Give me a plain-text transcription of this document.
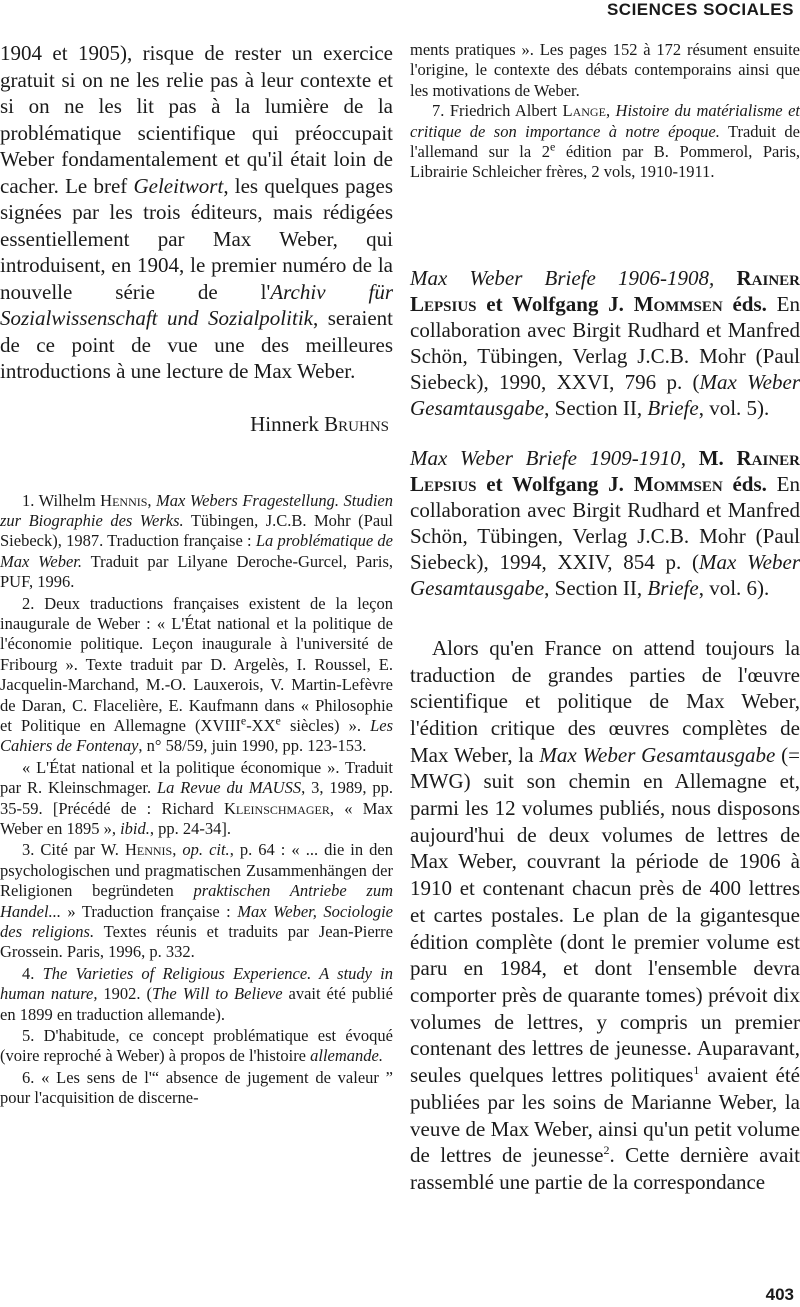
SCIENCES SOCIALES

1904 et 1905), risque de rester un exercice gratuit si on ne les relie pas à leur contexte et si on ne les lit pas à la lumière de la problématique scientifique qui préoccupait Weber fondamentalement et qu'il était loin de cacher. Le bref Geleitwort, les quelques pages signées par les trois éditeurs, mais rédigées essentiellement par Max Weber, qui introduisent, en 1904, le premier numéro de la nouvelle série de l'Archiv für Sozialwissenschaft und Sozialpolitik, seraient de ce point de vue une des meilleures introductions à une lecture de Max Weber.

Hinnerk Bruhns

1. Wilhelm Hennis, Max Webers Fragestellung. Studien zur Biographie des Werks. Tübingen, J.C.B. Mohr (Paul Siebeck), 1987. Traduction française : La problématique de Max Weber. Traduit par Lilyane Deroche-Gurcel, Paris, PUF, 1996.

2. Deux traductions françaises existent de la leçon inaugurale de Weber : « L'État national et la politique de l'économie politique. Leçon inaugurale à l'université de Fribourg ». Texte traduit par D. Argelès, I. Roussel, E. Jacquelin-Marchand, M.-O. Lauxerois, V. Martin-Lefèvre de Daran, C. Flacelière, E. Kaufmann dans « Philosophie et Politique en Allemagne (XVIIIe-XXe siècles) ». Les Cahiers de Fontenay, n° 58/59, juin 1990, pp. 123-153.

« L'État national et la politique économique ». Traduit par R. Kleinschmager. La Revue du MAUSS, 3, 1989, pp. 35-59. [Précédé de : Richard Kleinschmager, « Max Weber en 1895 », ibid., pp. 24-34].

3. Cité par W. Hennis, op. cit., p. 64 : « ... die in den psychologischen und pragmatischen Zusammenhängen der Religionen begründeten praktischen Antriebe zum Handel... » Traduction française : Max Weber, Sociologie des religions. Textes réunis et traduits par Jean-Pierre Grossein. Paris, 1996, p. 332.

4. The Varieties of Religious Experience. A study in human nature, 1902. (The Will to Believe avait été publié en 1899 en traduction allemande).

5. D'habitude, ce concept problématique est évoqué (voire reproché à Weber) à propos de l'histoire allemande.

6. « Les sens de l'“ absence de jugement de valeur ” pour l'acquisition de discerne-

ments pratiques ». Les pages 152 à 172 résument ensuite l'origine, le contexte des débats contemporains ainsi que les motivations de Weber.

7. Friedrich Albert Lange, Histoire du matérialisme et critique de son importance à notre époque. Traduit de l'allemand sur la 2e édition par B. Pommerol, Paris, Librairie Schleicher frères, 2 vols, 1910-1911.

Max Weber Briefe 1906-1908, Rainer Lepsius et Wolfgang J. Mommsen éds. En collaboration avec Birgit Rudhard et Manfred Schön, Tübingen, Verlag J.C.B. Mohr (Paul Siebeck), 1990, XXVI, 796 p. (Max Weber Gesamtausgabe, Section II, Briefe, vol. 5).

Max Weber Briefe 1909-1910, M. Rainer Lepsius et Wolfgang J. Mommsen éds. En collaboration avec Birgit Rudhard et Manfred Schön, Tübingen, Verlag J.C.B. Mohr (Paul Siebeck), 1994, XXIV, 854 p. (Max Weber Gesamtausgabe, Section II, Briefe, vol. 6).

Alors qu'en France on attend toujours la traduction de grandes parties de l'œuvre scientifique et politique de Max Weber, l'édition critique des œuvres complètes de Max Weber, la Max Weber Gesamtausgabe (= MWG) suit son chemin en Allemagne et, parmi les 12 volumes publiés, nous disposons aujourd'hui de deux volumes de lettres de Max Weber, couvrant la période de 1906 à 1910 et contenant chacun près de 400 lettres et cartes postales. Le plan de la gigantesque édition complète (dont le premier volume est paru en 1984, et dont l'ensemble devra comporter près de quarante tomes) prévoit dix volumes de lettres, y compris un premier contenant des lettres de jeunesse. Auparavant, seules quelques lettres politiques$^1$ avaient été publiées par les soins de Marianne Weber, la veuve de Max Weber, ainsi qu'un petit volume de lettres de jeunesse$^2$. Cette dernière avait rassemblé une partie de la correspondance

403
